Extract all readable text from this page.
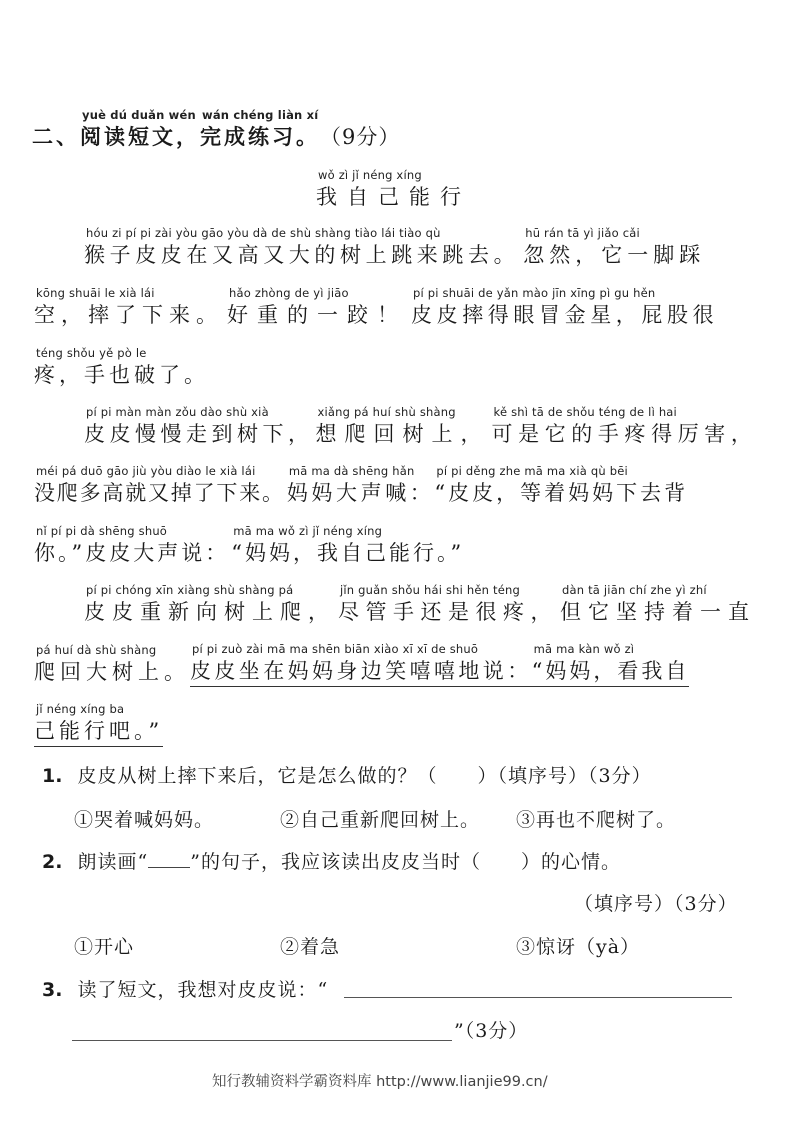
二、
yuè dú duǎn wén
阅读短文，
wán chéng liàn xí
完成练习。 （9分）
wǒ zì jǐ néng xíng
我自己能行
hóu zi pí pi zài yòu gāo yòu dà de shù shàng tiào lái tiào qù
猴子皮皮在又高又大的树上跳来跳去。
hū rán tā yì jiǎo cǎi
忽然，它一脚踩
kōng shuāi le xià lái
空，摔了下来。
hǎo zhòng de yì jiāo
好重的一跤！
pí pi shuāi de yǎn mào jīn xīng pì gu hěn
皮皮摔得眼冒金星，屁股很
téng shǒu yě pò le
疼，手也破了。
pí pi màn màn zǒu dào shù xià
皮皮慢慢走到树下，
xiǎng pá huí shù shàng
想爬回树上，
kě shì tā de shǒu téng de lì hai
可是它的手疼得厉害，
méi pá duō gāo jiù yòu diào le xià lái
没爬多高就又掉了下来。
mā ma dà shēng hǎn
妈妈大声喊：
pí pi děng zhe mā ma xià qù bēi
“皮皮，等着妈妈下去背
nǐ pí pi dà shēng shuō
你。”皮皮大声说：
mā ma wǒ zì jǐ néng xíng
“妈妈，我自己能行。”
pí pi chóng xīn xiàng shù shàng pá
皮皮重新向树上爬，
jǐn guǎn shǒu hái shi hěn téng
尽管手还是很疼，
dàn tā jiān chí zhe yì zhí
但它坚持着一直
pá huí dà shù shàng
爬回大树上。
pí pi zuò zài mā ma shēn biān xiào xī xī de shuō
皮皮坐在妈妈身边笑嘻嘻地说：
mā ma kàn wǒ zì
“妈妈，看我自
jǐ néng xíng ba
己能行吧。”
1. 皮皮从树上摔下来后，它是怎么做的？（　　）（填序号）（3分）
①哭着喊妈妈。	②自己重新爬回树上。 ③再也不爬树了。
2. 朗读画“ ”的句子，我应该读出皮皮当时（　　）的心情。
（填序号）（3分）
①开心	②着急	③惊讶（yà）
3. 读了短文，我想对皮皮说：“
”（3分）
知行教辅资料学霸资料库 http://www.lianjie99.cn/
